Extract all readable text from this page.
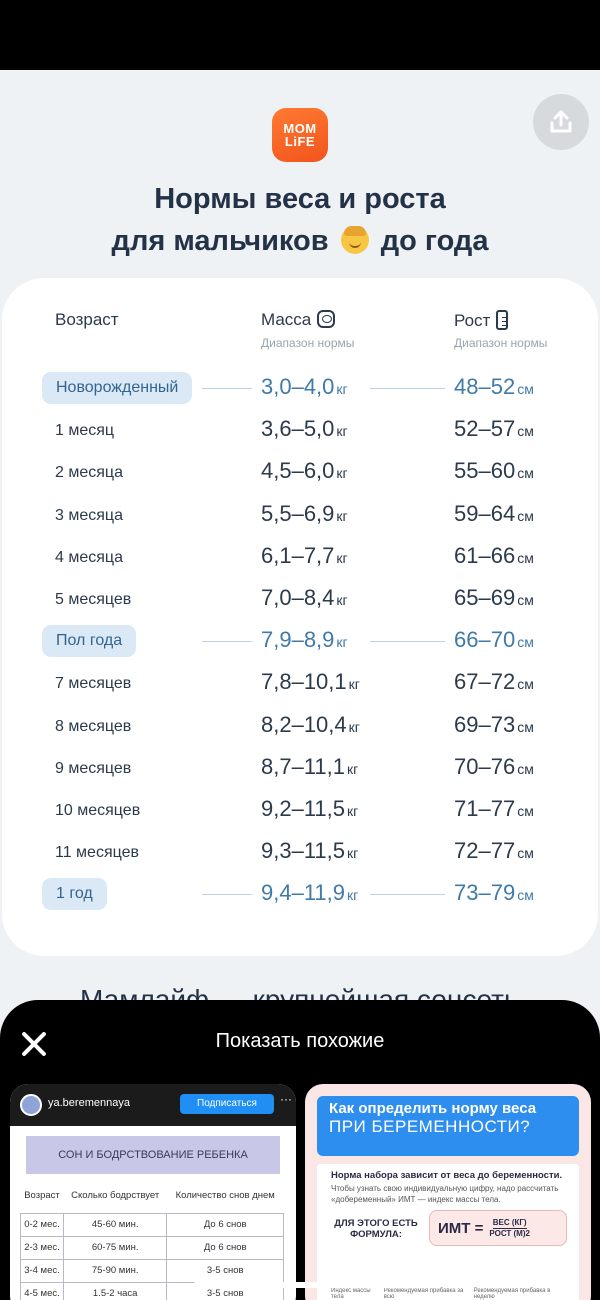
MOM
LiFE
Нормы веса и роста
для мальчиков до года
Возраст	Масса
Диапазон нормы
Рост
Диапазон нормы
Новорожденный	3,0–4,0 кг	48–52 см
1 месяц	3,6–5,0 кг	52–57 см
2 месяца	4,5–6,0 кг	55–60 см
3 месяца	5,5–6,9 кг	59–64 см
4 месяца	6,1–7,7 кг	61–66 см
5 месяцев	7,0–8,4 кг	65–69 см
Пол года	7,9–8,9 кг	66–70 см
7 месяцев	7,8–10,1 кг	67–72 см
8 месяцев	8,2–10,4 кг	69–73 см
9 месяцев	8,7–11,1 кг	70–76 см
10 месяцев	9,2–11,5 кг	71–77 см
11 месяцев	9,3–11,5 кг	72–77 см
1 год	9,4–11,9 кг	73–79 см
Показать похожие
ya.beremennaya	Подписаться	···
СОН И БОДРСТВОВАНИЕ РЕБЕНКА
Возраст	Сколько бодрствует	Количество снов днем
0-2 мес.	45-60 мин.	До 6 снов
2-3 мес.	60-75 мин.	До 6 снов
3-4 мес.	75-90 мин.	3-5 снов
4-5 мес.	1.5-2 часа	3-5 снов
Как определить норму веса
ПРИ БЕРЕМЕННОСТИ?
Норма набора зависит от веса до беременности.
Чтобы узнать свою индивидуальную цифру, надо рассчитать «добеременный» ИМТ — индекс массы тела.
ДЛЯ ЭТОГО ЕСТЬ ФОРМУЛА:	ИМТ = $\frac{\text{ВЕС (КГ)}}{\text{РОСТ (М)2}}$
Индекс массы тела
Рекомендуемая прибавка за всю
Рекомендуемая прибавка в неделю
